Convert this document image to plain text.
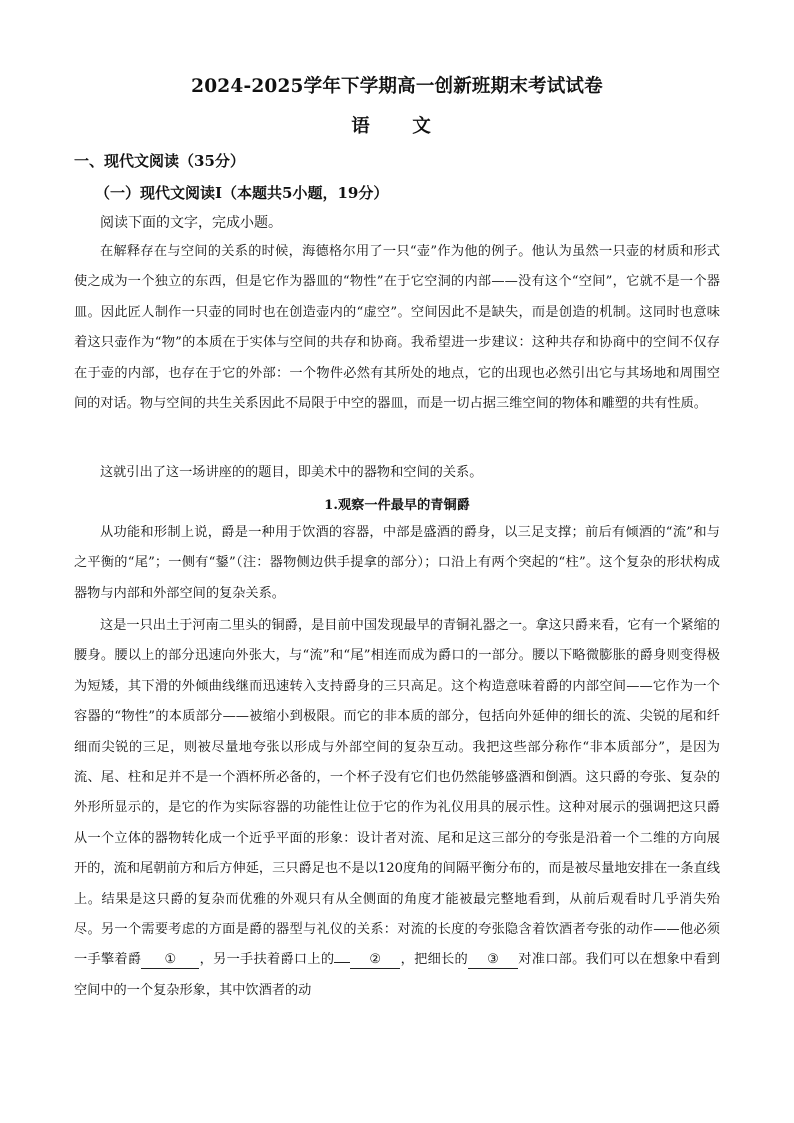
2024-2025学年下学期高一创新班期末考试试卷
语　文
一、现代文阅读（35分）
（一）现代文阅读Ⅰ（本题共5小题，19分）
阅读下面的文字，完成小题。

在解释存在与空间的关系的时候，海德格尔用了一只“壶”作为他的例子。他认为虽然一只壶的材质和形式使之成为一个独立的东西，但是它作为器皿的“物性”在于它空洞的内部——没有这个“空间”，它就不是一个器皿。因此匠人制作一只壶的同时也在创造壶内的“虚空”。空间因此不是缺失，而是创造的机制。这同时也意味着这只壶作为“物”的本质在于实体与空间的共存和协商。我希望进一步建议：这种共存和协商中的空间不仅存在于壶的内部，也存在于它的外部：一个物件必然有其所处的地点，它的出现也必然引出它与其场地和周围空间的对话。物与空间的共生关系因此不局限于中空的器皿，而是一切占据三维空间的物体和雕塑的共有性质。

这就引出了这一场讲座的的题目，即美术中的器物和空间的关系。

1.观察一件最早的青铜爵

从功能和形制上说，爵是一种用于饮酒的容器，中部是盛酒的爵身，以三足支撑；前后有倾酒的“流”和与之平衡的“尾”；一侧有“鋬”（注：器物侧边供手提拿的部分）；口沿上有两个突起的“柱”。这个复杂的形状构成器物与内部和外部空间的复杂关系。

这是一只出土于河南二里头的铜爵，是目前中国发现最早的青铜礼器之一。拿这只爵来看，它有一个紧缩的腰身。腰以上的部分迅速向外张大，与“流”和“尾”相连而成为爵口的一部分。腰以下略微膨胀的爵身则变得极为短矮，其下滑的外倾曲线继而迅速转入支持爵身的三只高足。这个构造意味着爵的内部空间——它作为一个容器的“物性”的本质部分——被缩小到极限。而它的非本质的部分，包括向外延伸的细长的流、尖锐的尾和纤细而尖锐的三足，则被尽量地夸张以形成与外部空间的复杂互动。我把这些部分称作“非本质部分”，是因为流、尾、柱和足并不是一个酒杯所必备的，一个杯子没有它们也仍然能够盛酒和倒酒。这只爵的夸张、复杂的外形所显示的，是它的作为实际容器的功能性让位于它的作为礼仪用具的展示性。这种对展示的强调把这只爵从一个立体的器物转化成一个近乎平面的形象：设计者对流、尾和足这三部分的夸张是沿着一个二维的方向展开的，流和尾朝前方和后方伸延，三只爵足也不是以120度角的间隔平衡分布的，而是被尽量地安排在一条直线上。结果是这只爵的复杂而优雅的外观只有从全侧面的角度才能被最完整地看到，从前后观看时几乎消失殆尽。另一个需要考虑的方面是爵的器型与礼仪的关系：对流的长度的夸张隐含着饮酒者夸张的动作——他必须一手擎着爵 ① ，另一手扶着爵口上的	② ，把细长的 ③ 对准口部。我们可以在想象中看到空间中的一个复杂形象，其中饮酒者的动
